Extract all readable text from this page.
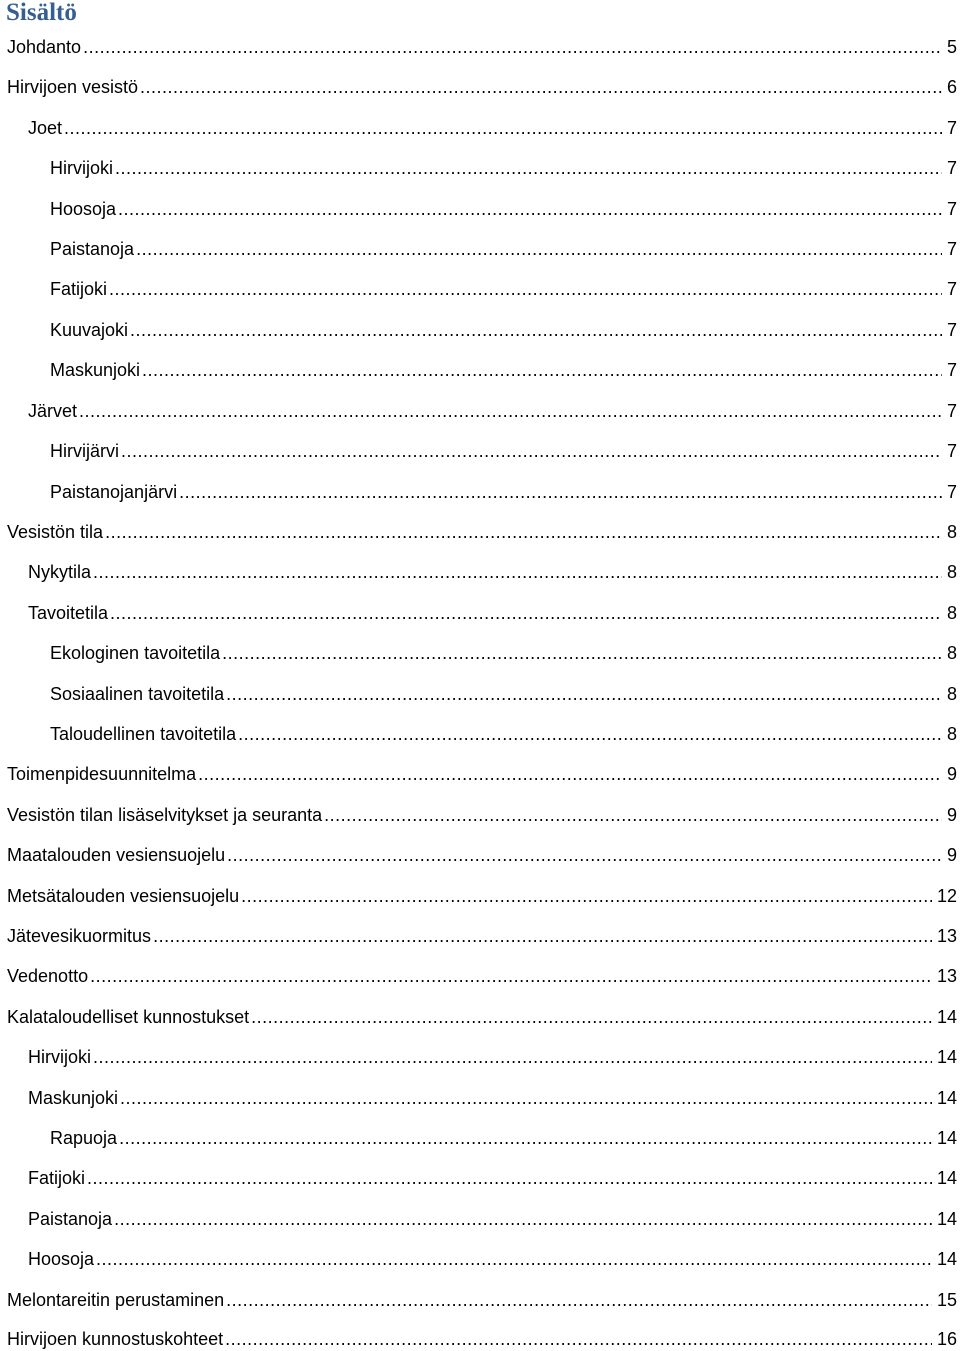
Sisältö
Johdanto .....	5
Hirvijoen vesistö .....	6
Joet .....	7
Hirvijoki .....	7
Hoosoja .....	7
Paistanoja .....	7
Fatijoki .....	7
Kuuvajoki .....	7
Maskunjoki .....	7
Järvet .....	7
Hirvijärvi .....	7
Paistanojanjärvi .....	7
Vesistön tila .....	8
Nykytila .....	8
Tavoitetila .....	8
Ekologinen tavoitetila .....	8
Sosiaalinen tavoitetila .....	8
Taloudellinen tavoitetila .....	8
Toimenpidesuunnitelma .....	9
Vesistön tilan lisäselvitykset ja seuranta .....	9
Maatalouden vesiensuojelu .....	9
Metsätalouden vesiensuojelu .....	12
Jätevesikuormitus .....	13
Vedenotto .....	13
Kalataloudelliset kunnostukset .....	14
Hirvijoki .....	14
Maskunjoki .....	14
Rapuoja .....	14
Fatijoki .....	14
Paistanoja .....	14
Hoosoja .....	14
Melontareitin perustaminen .....	15
Hirvijoen kunnostuskohteet .....	16
